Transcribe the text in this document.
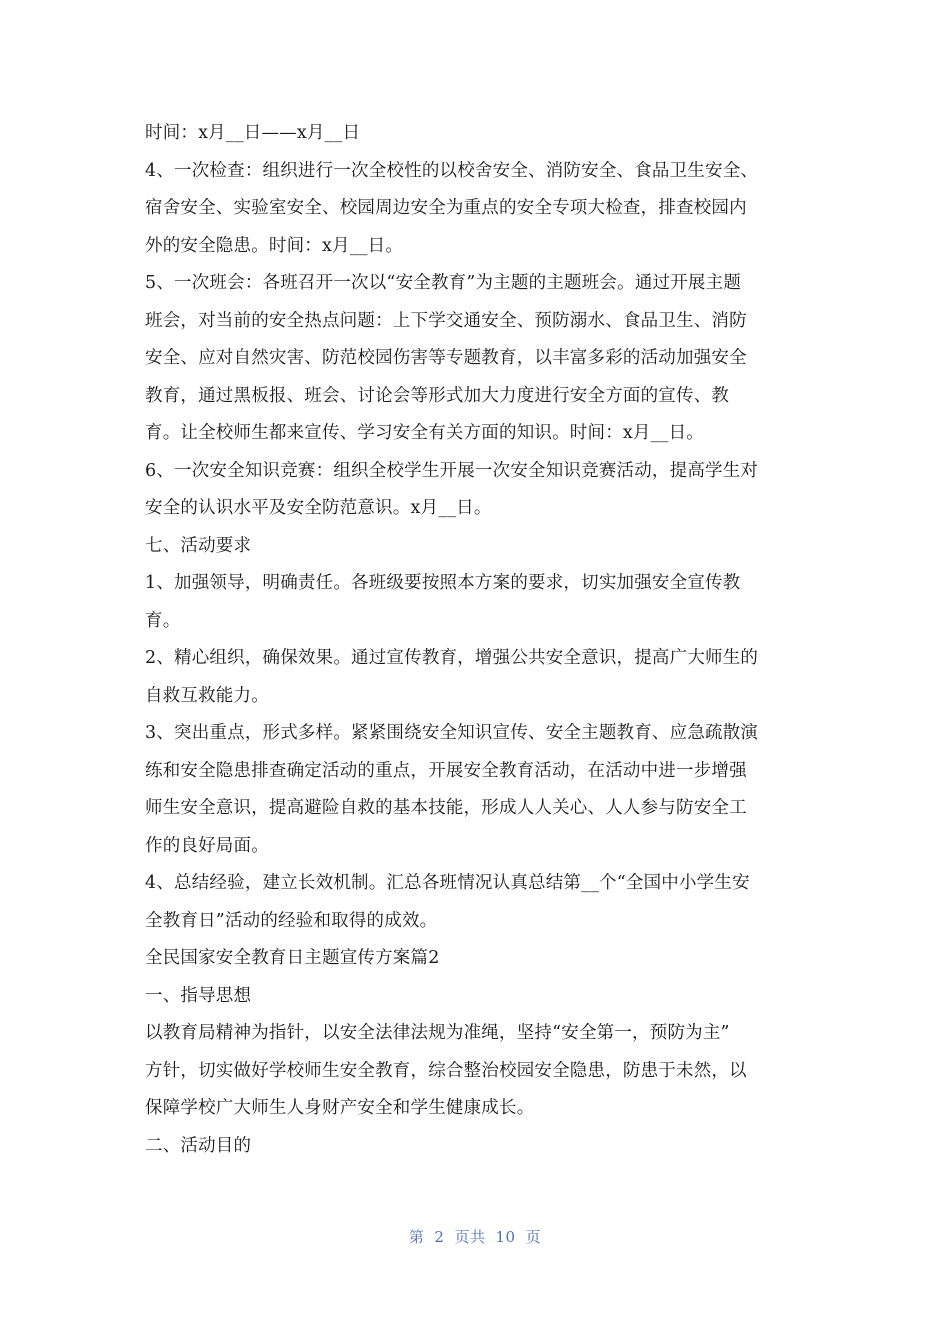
时间：x月__日——x月__日
4、一次检查：组织进行一次全校性的以校舍安全、消防安全、食品卫生安全、
宿舍安全、实验室安全、校园周边安全为重点的安全专项大检查，排查校园内
外的安全隐患。时间：x月__日。
5、一次班会：各班召开一次以“安全教育”为主题的主题班会。通过开展主题
班会，对当前的安全热点问题：上下学交通安全、预防溺水、食品卫生、消防
安全、应对自然灾害、防范校园伤害等专题教育，以丰富多彩的活动加强安全
教育，通过黑板报、班会、讨论会等形式加大力度进行安全方面的宣传、教
育。让全校师生都来宣传、学习安全有关方面的知识。时间：x月__日。
6、一次安全知识竞赛：组织全校学生开展一次安全知识竞赛活动，提高学生对
安全的认识水平及安全防范意识。x月__日。
七、活动要求
1、加强领导，明确责任。各班级要按照本方案的要求，切实加强安全宣传教
育。
2、精心组织，确保效果。通过宣传教育，增强公共安全意识，提高广大师生的
自救互救能力。
3、突出重点，形式多样。紧紧围绕安全知识宣传、安全主题教育、应急疏散演
练和安全隐患排查确定活动的重点，开展安全教育活动，在活动中进一步增强
师生安全意识，提高避险自救的基本技能，形成人人关心、人人参与防安全工
作的良好局面。
4、总结经验，建立长效机制。汇总各班情况认真总结第__个“全国中小学生安
全教育日”活动的经验和取得的成效。
全民国家安全教育日主题宣传方案篇2
一、指导思想
以教育局精神为指针，以安全法律法规为准绳，坚持“安全第一，预防为主”
方针，切实做好学校师生安全教育，综合整治校园安全隐患，防患于未然，以
保障学校广大师生人身财产安全和学生健康成长。
二、活动目的
第 2 页共 10 页
